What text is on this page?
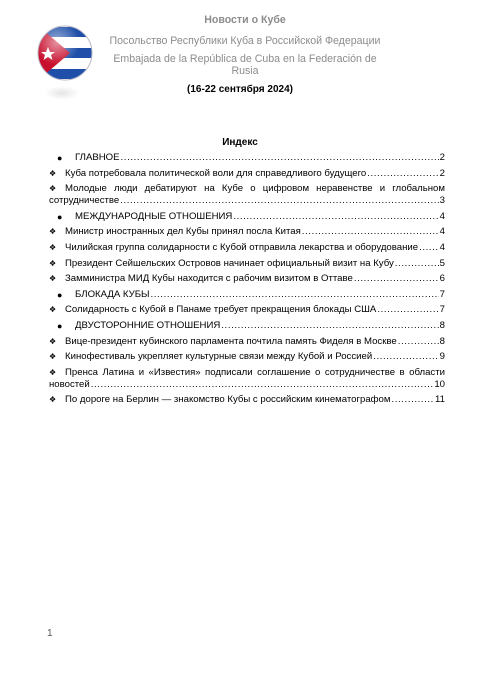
Новости о Кубе
Посольство Республики Куба в Российской Федерации
Embajada de la República de Cuba en la Federación de Rusia
(16-22 сентября 2024)
Индекс
●	ГЛАВНОЕ .....	2
❖ Куба потребовала политической воли для справедливого будущего .....	2
❖ Молодые люди дебатируют на Кубе о цифровом неравенстве и глобальном
сотрудничестве .....	3
●	МЕЖДУНАРОДНЫЕ ОТНОШЕНИЯ .....	4
❖ Министр иностранных дел Кубы принял посла Китая .....	4
❖ Чилийская группа солидарности с Кубой отправила лекарства и оборудование ..... 4
❖ Президент Сейшельских Островов начинает официальный визит на Кубу .....	5
❖ Замминистра МИД Кубы находится с рабочим визитом в Оттаве .....	6
●	БЛОКАДА КУБЫ .....	7
❖ Солидарность с Кубой в Панаме требует прекращения блокады США .....	7
●	ДВУСТОРОННИЕ ОТНОШЕНИЯ .....	8
❖ Вице-президент кубинского парламента почтила память Фиделя в Москве .....	8
❖ Кинофестиваль укрепляет культурные связи между Кубой и Россией .....	9
❖ Пренса Латина и «Известия» подписали соглашение о сотрудничестве в области
новостей .....	10
❖ По дороге на Берлин — знакомство Кубы с российским кинематографом .....	11
1
